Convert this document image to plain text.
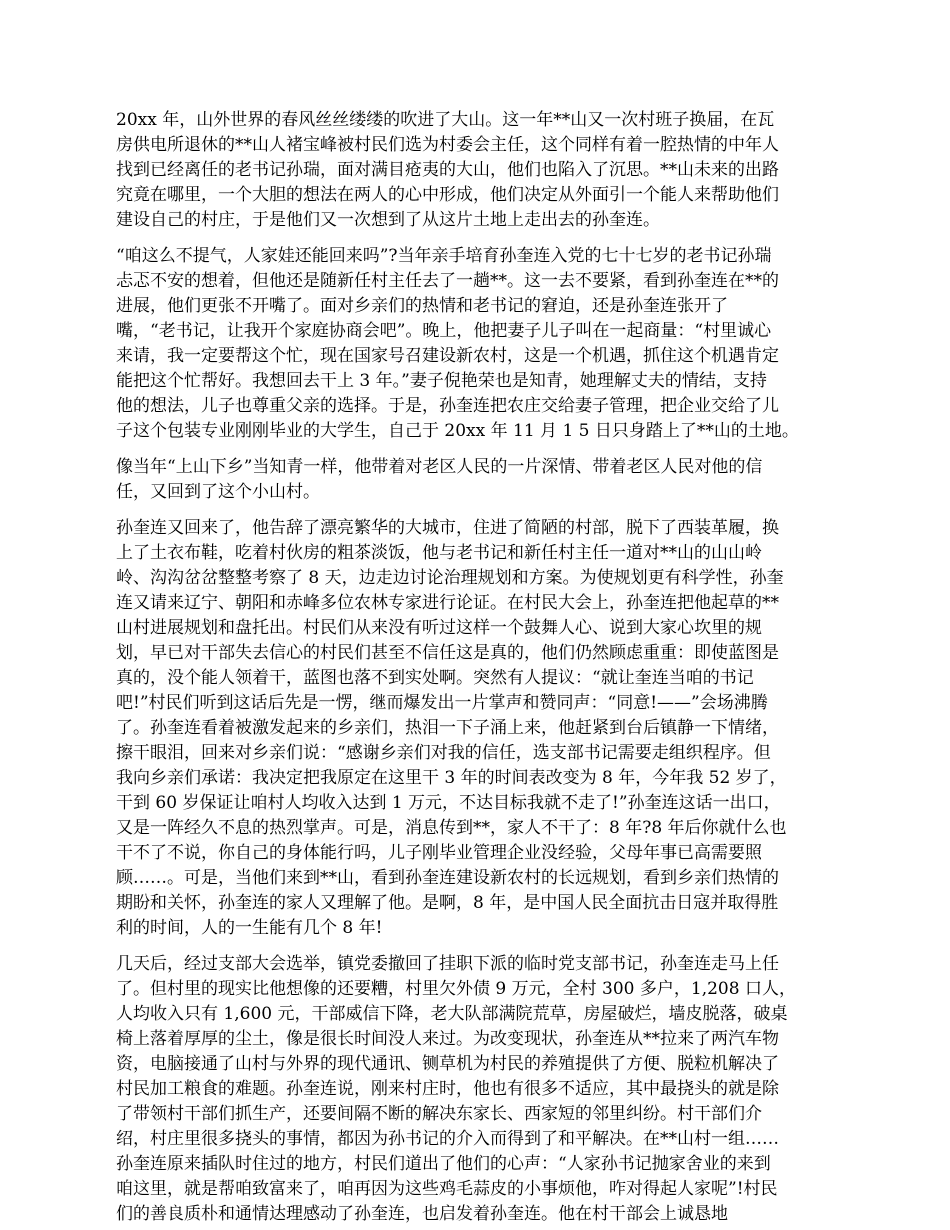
20xx 年，山外世界的春风丝丝缕缕的吹进了大山。这一年**山又一次村班子换届，在瓦
房供电所退休的**山人褚宝峰被村民们选为村委会主任，这个同样有着一腔热情的中年人
找到已经离任的老书记孙瑞，面对满目疮夷的大山，他们也陷入了沉思。**山未来的出路
究竟在哪里，一个大胆的想法在两人的心中形成，他们决定从外面引一个能人来帮助他们
建设自己的村庄，于是他们又一次想到了从这片土地上走出去的孙奎连。

“咱这么不提气，人家娃还能回来吗”?当年亲手培育孙奎连入党的七十七岁的老书记孙瑞
忐忑不安的想着，但他还是随新任村主任去了一趟**。这一去不要紧，看到孙奎连在**的
进展，他们更张不开嘴了。面对乡亲们的热情和老书记的窘迫，还是孙奎连张开了
嘴，“老书记，让我开个家庭协商会吧”。晚上，他把妻子儿子叫在一起商量：“村里诚心
来请，我一定要帮这个忙，现在国家号召建设新农村，这是一个机遇，抓住这个机遇肯定
能把这个忙帮好。我想回去干上 3 年。”妻子倪艳荣也是知青，她理解丈夫的情结，支持
他的想法，儿子也尊重父亲的选择。于是，孙奎连把农庄交给妻子管理，把企业交给了儿
子这个包装专业刚刚毕业的大学生，自己于 20xx 年 11 月 1 5 日只身踏上了**山的土地。

像当年“上山下乡”当知青一样，他带着对老区人民的一片深情、带着老区人民对他的信
任，又回到了这个小山村。

孙奎连又回来了，他告辞了漂亮繁华的大城市，住进了简陋的村部，脱下了西装革履，换
上了土衣布鞋，吃着村伙房的粗茶淡饭，他与老书记和新任村主任一道对**山的山山岭
岭、沟沟岔岔整整考察了 8 天，边走边讨论治理规划和方案。为使规划更有科学性，孙奎
连又请来辽宁、朝阳和赤峰多位农林专家进行论证。在村民大会上，孙奎连把他起草的**
山村进展规划和盘托出。村民们从来没有听过这样一个鼓舞人心、说到大家心坎里的规
划，早已对干部失去信心的村民们甚至不信任这是真的，他们仍然顾虑重重：即使蓝图是
真的，没个能人领着干，蓝图也落不到实处啊。突然有人提议：“就让奎连当咱的书记
吧!”村民们听到这话后先是一愣，继而爆发出一片掌声和赞同声：“同意!——”会场沸腾
了。孙奎连看着被激发起来的乡亲们，热泪一下子涌上来，他赶紧到台后镇静一下情绪，
擦干眼泪，回来对乡亲们说：“感谢乡亲们对我的信任，选支部书记需要走组织程序。但
我向乡亲们承诺：我决定把我原定在这里干 3 年的时间表改变为 8 年，今年我 52 岁了，
干到 60 岁保证让咱村人均收入达到 1 万元，不达目标我就不走了!”孙奎连这话一出口，
又是一阵经久不息的热烈掌声。可是，消息传到**，家人不干了：8 年?8 年后你就什么也
干不了不说，你自己的身体能行吗，儿子刚毕业管理企业没经验，父母年事已高需要照
顾……。可是，当他们来到**山，看到孙奎连建设新农村的长远规划，看到乡亲们热情的
期盼和关怀，孙奎连的家人又理解了他。是啊，8 年，是中国人民全面抗击日寇并取得胜
利的时间，人的一生能有几个 8 年!

几天后，经过支部大会选举，镇党委撤回了挂职下派的临时党支部书记，孙奎连走马上任
了。但村里的现实比他想像的还要糟，村里欠外债 9 万元，全村 300 多户，1,208 口人，
人均收入只有 1,600 元，干部威信下降，老大队部满院荒草，房屋破烂，墙皮脱落，破桌
椅上落着厚厚的尘土，像是很长时间没人来过。为改变现状，孙奎连从**拉来了两汽车物
资，电脑接通了山村与外界的现代通讯、铡草机为村民的养殖提供了方便、脱粒机解决了
村民加工粮食的难题。孙奎连说，刚来村庄时，他也有很多不适应，其中最挠头的就是除
了带领村干部们抓生产，还要间隔不断的解决东家长、西家短的邻里纠纷。村干部们介
绍，村庄里很多挠头的事情，都因为孙书记的介入而得到了和平解决。在**山村一组……
孙奎连原来插队时住过的地方，村民们道出了他们的心声：“人家孙书记抛家舍业的来到
咱这里，就是帮咱致富来了，咱再因为这些鸡毛蒜皮的小事烦他，咋对得起人家呢”!村民
们的善良质朴和通情达理感动了孙奎连，也启发着孙奎连。他在村干部会上诚恳地
